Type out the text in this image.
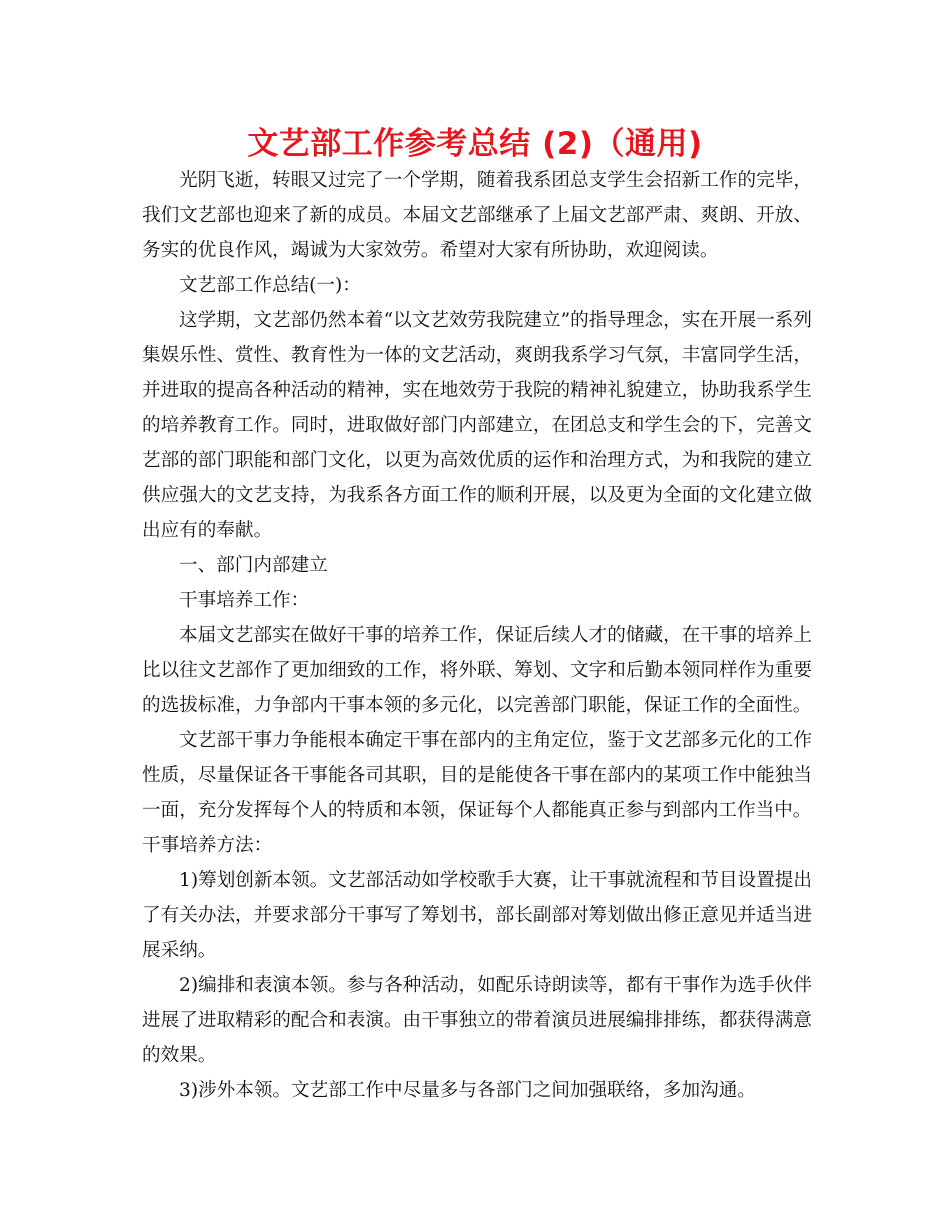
文艺部工作参考总结 (2)（通用)

光阴飞逝，转眼又过完了一个学期，随着我系团总支学生会招新工作的完毕，我们文艺部也迎来了新的成员。本届文艺部继承了上届文艺部严肃、爽朗、开放、务实的优良作风，竭诚为大家效劳。希望对大家有所协助，欢迎阅读。

文艺部工作总结(一)：

这学期，文艺部仍然本着“以文艺效劳我院建立”的指导理念，实在开展一系列集娱乐性、赏性、教育性为一体的文艺活动，爽朗我系学习气氛，丰富同学生活，并进取的提高各种活动的精神，实在地效劳于我院的精神礼貌建立，协助我系学生的培养教育工作。同时，进取做好部门内部建立，在团总支和学生会的下，完善文艺部的部门职能和部门文化，以更为高效优质的运作和治理方式，为和我院的建立供应强大的文艺支持，为我系各方面工作的顺利开展，以及更为全面的文化建立做出应有的奉献。

一、部门内部建立

干事培养工作：

本届文艺部实在做好干事的培养工作，保证后续人才的储藏，在干事的培养上比以往文艺部作了更加细致的工作，将外联、筹划、文字和后勤本领同样作为重要的选拔标准，力争部内干事本领的多元化，以完善部门职能，保证工作的全面性。

文艺部干事力争能根本确定干事在部内的主角定位，鉴于文艺部多元化的工作性质，尽量保证各干事能各司其职，目的是能使各干事在部内的某项工作中能独当一面，充分发挥每个人的特质和本领，保证每个人都能真正参与到部内工作当中。

干事培养方法：

1)筹划创新本领。文艺部活动如学校歌手大赛，让干事就流程和节目设置提出了有关办法，并要求部分干事写了筹划书，部长副部对筹划做出修正意见并适当进展采纳。

2)编排和表演本领。参与各种活动，如配乐诗朗读等，都有干事作为选手伙伴进展了进取精彩的配合和表演。由干事独立的带着演员进展编排排练，都获得满意的效果。

3)涉外本领。文艺部工作中尽量多与各部门之间加强联络，多加沟通。
